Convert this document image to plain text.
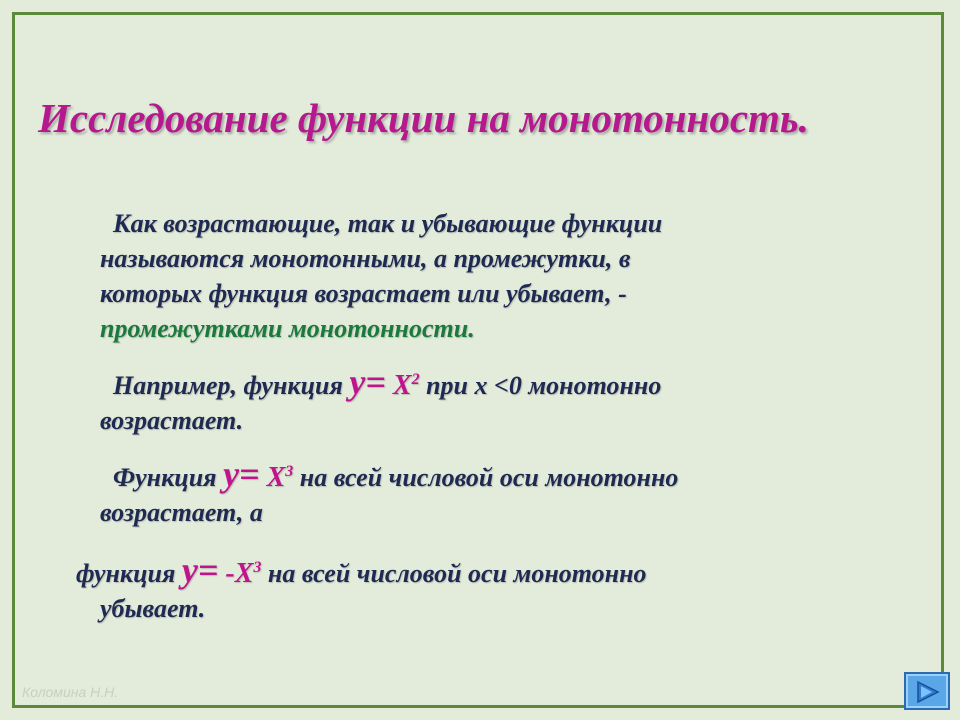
Исследование функции на монотонность.
Как возрастающие, так и убывающие функции
называются монотонными, а промежутки, в
которых функция возрастает или убывает, -
промежутками монотонности.
Например, функция $у= Х^2$ при х <0 монотонно
возрастает.
Функция $у= Х^3$ на всей числовой оси монотонно
возрастает, а
функция $у= -Х^3$ на всей числовой оси монотонно
убывает.
Коломина Н.Н.
